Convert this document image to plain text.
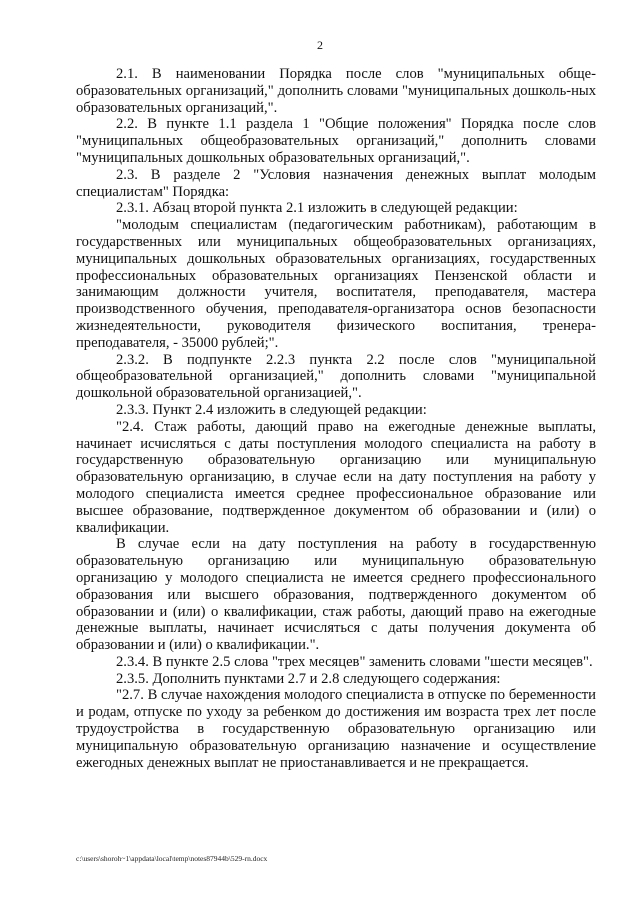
2

2.1. В наименовании Порядка после слов "муниципальных обще-образовательных организаций," дополнить словами "муниципальных дошколь-ных образовательных организаций,".

2.2. В пункте 1.1 раздела 1 "Общие положения" Порядка после слов "муниципальных общеобразовательных организаций," дополнить словами "муниципальных дошкольных образовательных организаций,".

2.3. В разделе 2 "Условия назначения денежных выплат молодым специалистам" Порядка:

2.3.1. Абзац второй пункта 2.1 изложить в следующей редакции:

"молодым специалистам (педагогическим работникам), работающим в государственных или муниципальных общеобразовательных организациях, муниципальных дошкольных образовательных организациях, государственных профессиональных образовательных организациях Пензенской области и занимающим должности учителя, воспитателя, преподавателя, мастера производственного обучения, преподавателя-организатора основ безопасности жизнедеятельности, руководителя физического воспитания, тренера-преподавателя, - 35000 рублей;".

2.3.2. В подпункте 2.2.3 пункта 2.2 после слов "муниципальной общеобразовательной организацией," дополнить словами "муниципальной дошкольной образовательной организацией,".

2.3.3. Пункт 2.4 изложить в следующей редакции:

"2.4. Стаж работы, дающий право на ежегодные денежные выплаты, начинает исчисляться с даты поступления молодого специалиста на работу в государственную образовательную организацию или муниципальную образовательную организацию, в случае если на дату поступления на работу у молодого специалиста имеется среднее профессиональное образование или высшее образование, подтвержденное документом об образовании и (или) о квалификации.

В случае если на дату поступления на работу в государственную образовательную организацию или муниципальную образовательную организацию у молодого специалиста не имеется среднего профессионального образования или высшего образования, подтвержденного документом об образовании и (или) о квалификации, стаж работы, дающий право на ежегодные денежные выплаты, начинает исчисляться с даты получения документа об образовании и (или) о квалификации.".

2.3.4. В пункте 2.5 слова "трех месяцев" заменить словами "шести месяцев".

2.3.5. Дополнить пунктами 2.7 и 2.8 следующего содержания:

"2.7. В случае нахождения молодого специалиста в отпуске по беременности и родам, отпуске по уходу за ребенком до достижения им возраста трех лет после трудоустройства в государственную образовательную организацию или муниципальную образовательную организацию назначение и осуществление ежегодных денежных выплат не приостанавливается и не прекращается.

c:\users\shoroh~1\appdata\local\temp\notes87944b\529-rn.docx
